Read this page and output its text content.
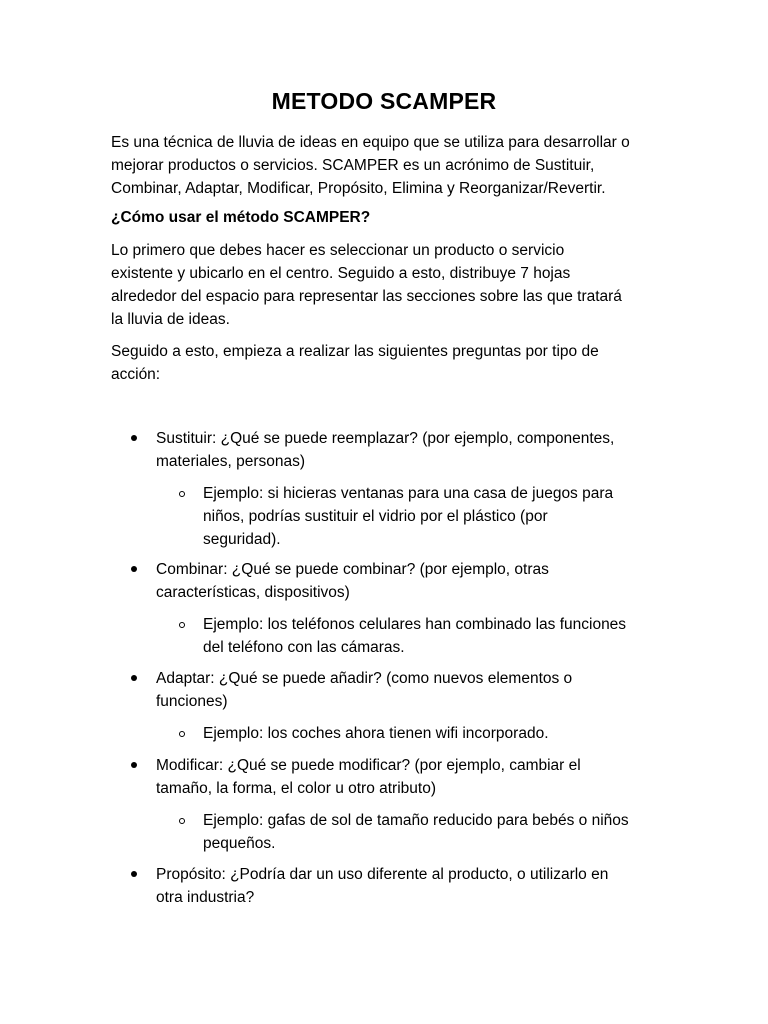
METODO SCAMPER
Es una técnica de lluvia de ideas en equipo que se utiliza para desarrollar o
mejorar productos o servicios. SCAMPER es un acrónimo de Sustituir,
Combinar, Adaptar, Modificar, Propósito, Elimina y Reorganizar/Revertir.
¿Cómo usar el método SCAMPER?
Lo primero que debes hacer es seleccionar un producto o servicio
existente y ubicarlo en el centro. Seguido a esto, distribuye 7 hojas
alrededor del espacio para representar las secciones sobre las que tratará
la lluvia de ideas.
Seguido a esto, empieza a realizar las siguientes preguntas por tipo de
acción:
Sustituir: ¿Qué se puede reemplazar? (por ejemplo, componentes,
materiales, personas)
Ejemplo: si hicieras ventanas para una casa de juegos para
niños, podrías sustituir el vidrio por el plástico (por
seguridad).
Combinar: ¿Qué se puede combinar? (por ejemplo, otras
características, dispositivos)
Ejemplo: los teléfonos celulares han combinado las funciones
del teléfono con las cámaras.
Adaptar: ¿Qué se puede añadir? (como nuevos elementos o
funciones)
Ejemplo: los coches ahora tienen wifi incorporado.
Modificar: ¿Qué se puede modificar? (por ejemplo, cambiar el
tamaño, la forma, el color u otro atributo)
Ejemplo: gafas de sol de tamaño reducido para bebés o niños
pequeños.
Propósito: ¿Podría dar un uso diferente al producto, o utilizarlo en
otra industria?
